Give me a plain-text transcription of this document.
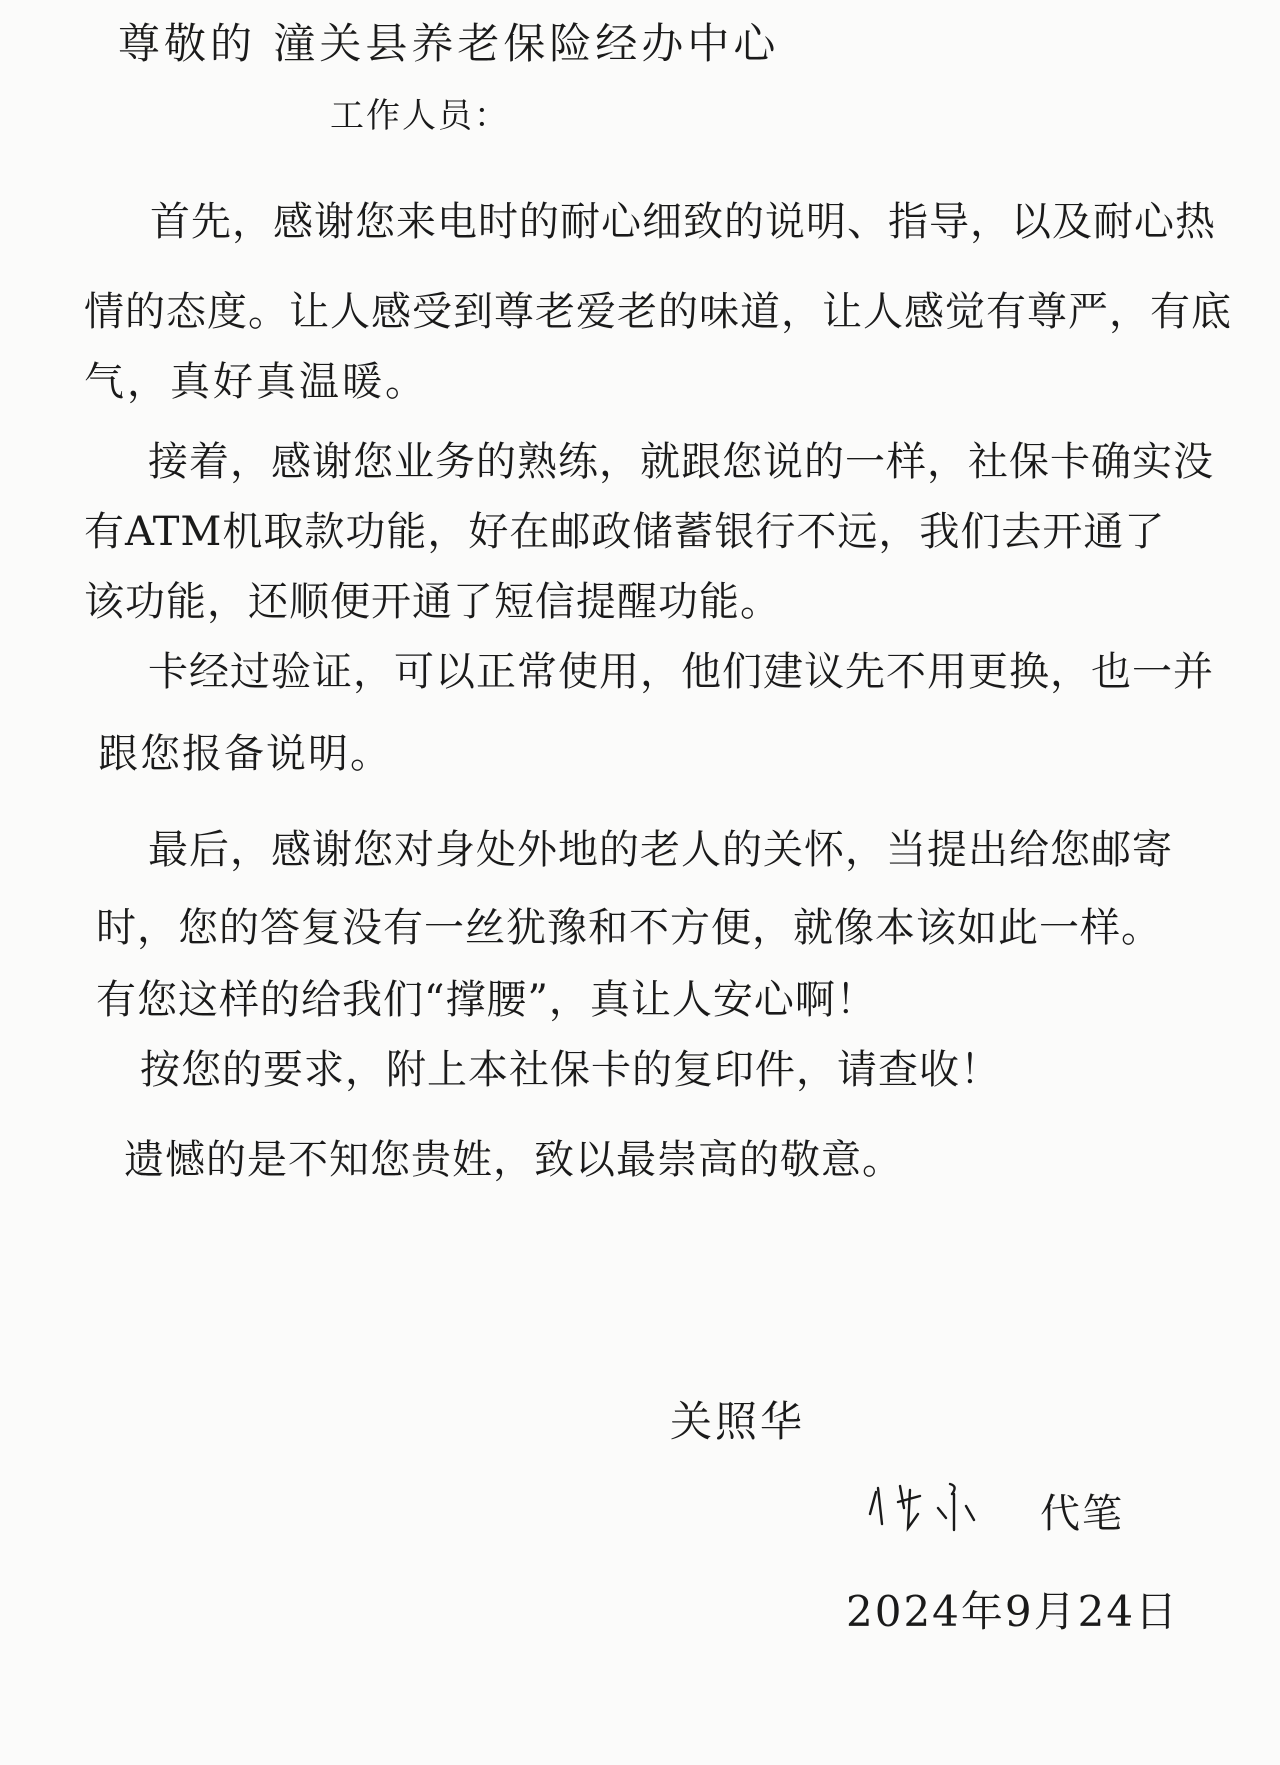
尊敬的 潼关县养老保险经办中心
工作人员：
首先，感谢您来电时的耐心细致的说明、指导，以及耐心热
情的态度。让人感受到尊老爱老的味道，让人感觉有尊严，有底
气，真好真温暖。
接着，感谢您业务的熟练，就跟您说的一样，社保卡确实没
有ATM机取款功能，好在邮政储蓄银行不远，我们去开通了
该功能，还顺便开通了短信提醒功能。
卡经过验证，可以正常使用，他们建议先不用更换，也一并
跟您报备说明。
最后，感谢您对身处外地的老人的关怀，当提出给您邮寄
时，您的答复没有一丝犹豫和不方便，就像本该如此一样。
有您这样的给我们“撑腰”，真让人安心啊！
按您的要求，附上本社保卡的复印件，请查收！
遗憾的是不知您贵姓，致以最崇高的敬意。
关照华
代笔
2024年9月24日
